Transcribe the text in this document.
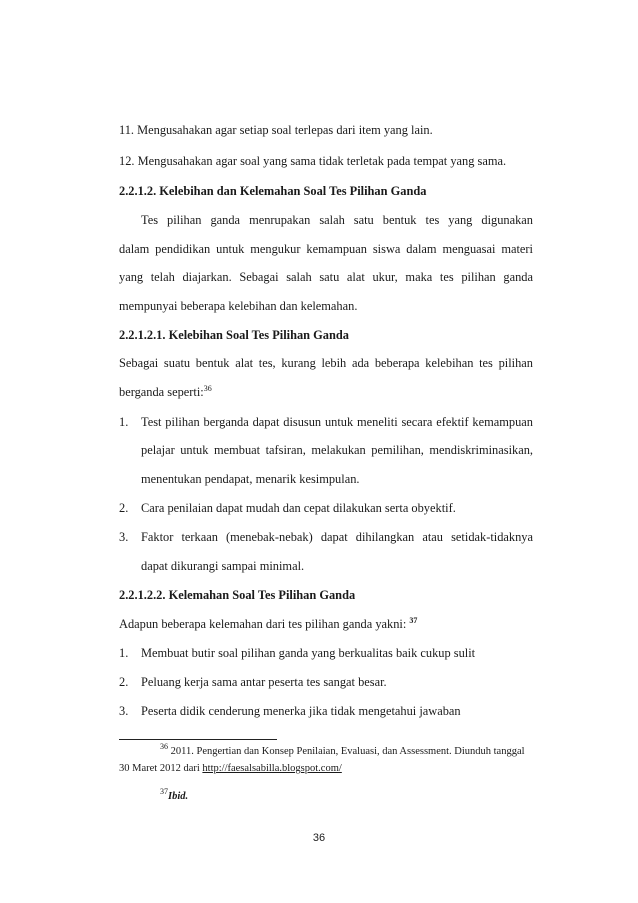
11. Mengusahakan agar setiap soal terlepas dari item yang lain.
12. Mengusahakan agar soal yang sama tidak terletak pada tempat yang sama.
2.2.1.2. Kelebihan dan Kelemahan Soal Tes Pilihan Ganda
Tes pilihan ganda menrupakan salah satu bentuk tes yang digunakan
dalam pendidikan untuk mengukur kemampuan siswa dalam menguasai materi
yang telah diajarkan. Sebagai salah satu alat ukur, maka tes pilihan ganda
mempunyai beberapa kelebihan dan kelemahan.
2.2.1.2.1. Kelebihan Soal Tes Pilihan Ganda
Sebagai suatu bentuk alat tes, kurang lebih ada beberapa kelebihan tes pilihan
berganda seperti:$^{36}$
1.	Test pilihan berganda dapat disusun untuk meneliti secara efektif kemampuan
pelajar untuk membuat tafsiran, melakukan pemilihan, mendiskriminasikan,
menentukan pendapat, menarik kesimpulan.
2.	Cara penilaian dapat mudah dan cepat dilakukan serta obyektif.
3.	Faktor terkaan (menebak-nebak) dapat dihilangkan atau setidak-tidaknya
dapat dikurangi sampai minimal.
2.2.1.2.2. Kelemahan Soal Tes Pilihan Ganda
Adapun beberapa kelemahan dari tes pilihan ganda yakni: $^{37}$
1.	Membuat butir soal pilihan ganda yang berkualitas baik cukup sulit
2.	Peluang kerja sama antar peserta tes sangat besar.
3.	Peserta didik cenderung menerka jika tidak mengetahui jawaban
$^{36}$ 2011. Pengertian dan Konsep Penilaian, Evaluasi, dan Assessment. Diunduh tanggal
30 Maret 2012 dari http://faesalsabilla.blogspot.com/
$^{37}$Ibid.
36
